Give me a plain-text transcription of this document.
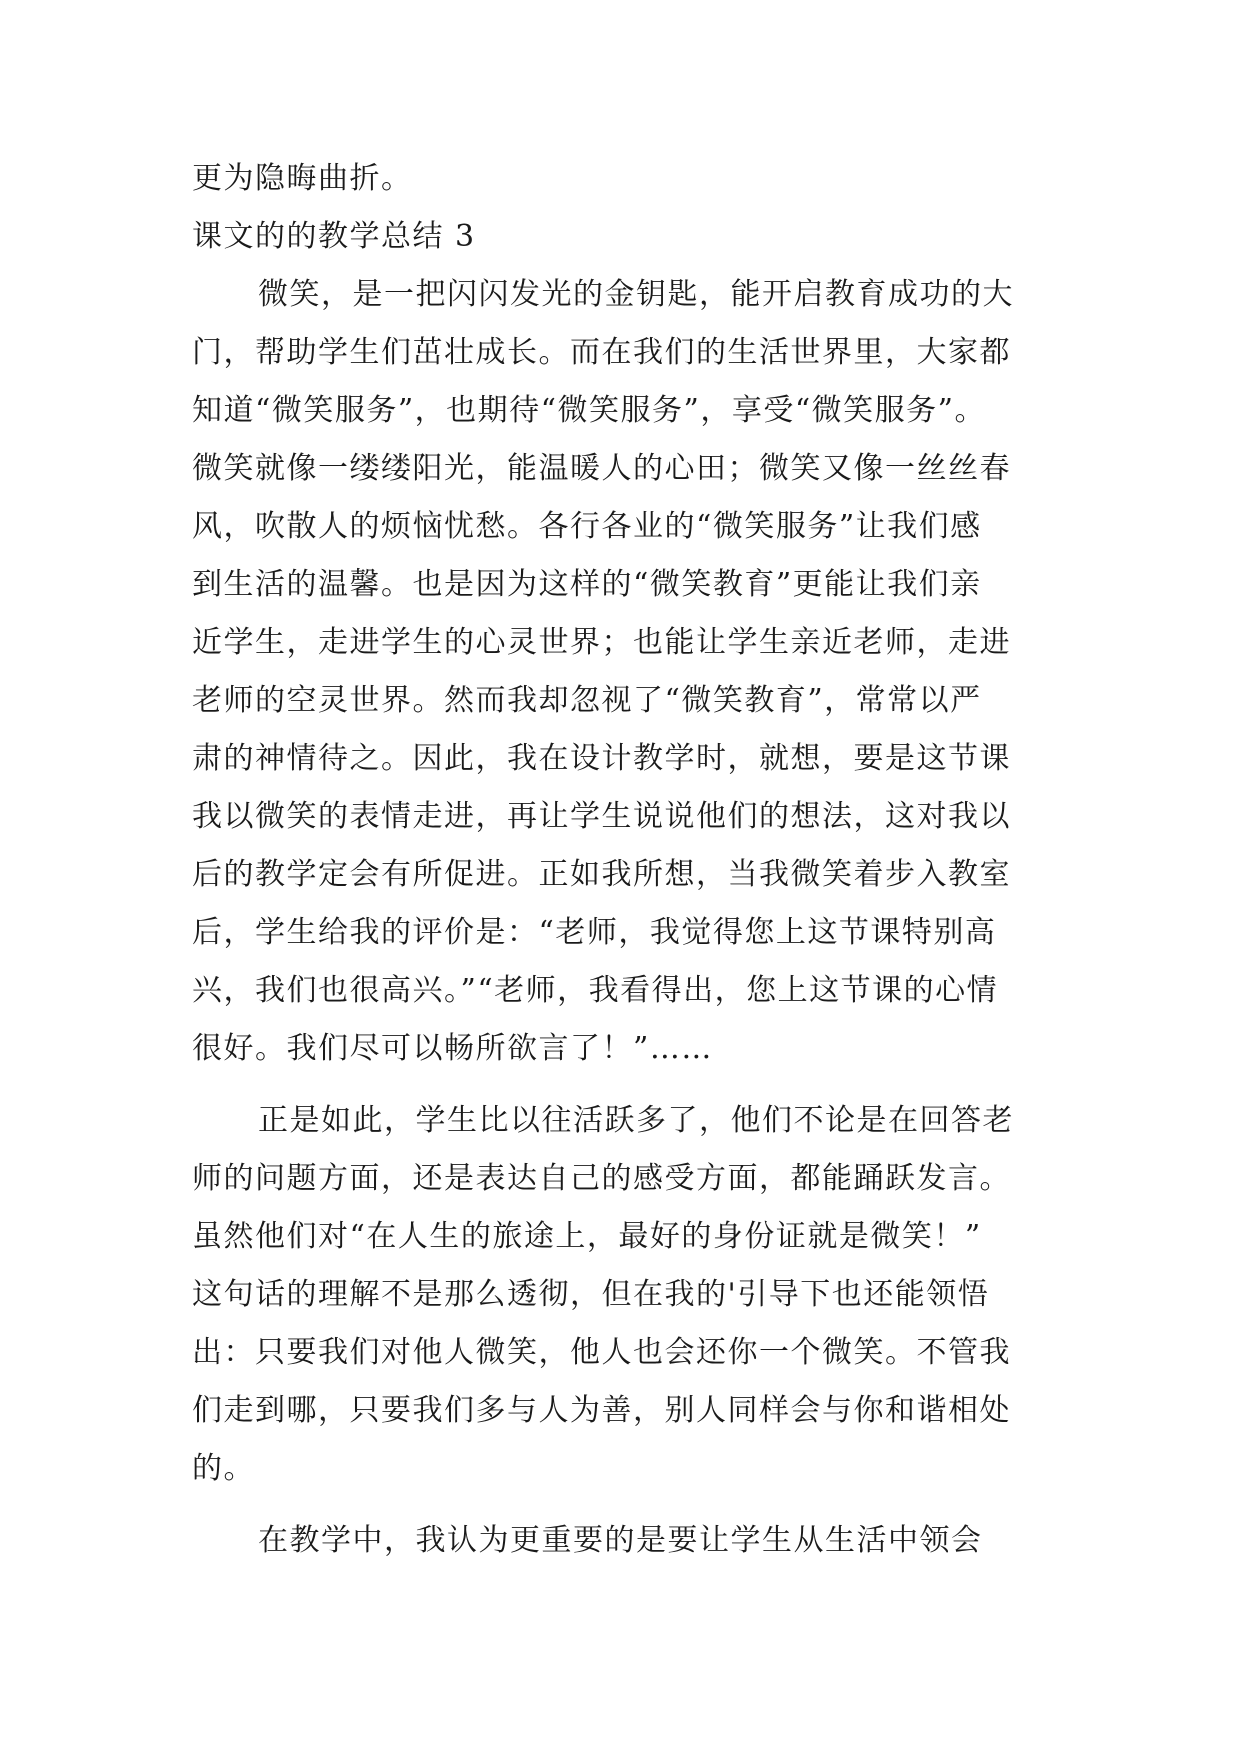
更为隐晦曲折。
课文的的教学总结 3
微笑，是一把闪闪发光的金钥匙，能开启教育成功的大
门，帮助学生们茁壮成长。而在我们的生活世界里，大家都
知道“微笑服务”，也期待“微笑服务”，享受“微笑服务”。
微笑就像一缕缕阳光，能温暖人的心田；微笑又像一丝丝春
风，吹散人的烦恼忧愁。各行各业的“微笑服务”让我们感
到生活的温馨。也是因为这样的“微笑教育”更能让我们亲
近学生，走进学生的心灵世界；也能让学生亲近老师，走进
老师的空灵世界。然而我却忽视了“微笑教育”，常常以严
肃的神情待之。因此，我在设计教学时，就想，要是这节课
我以微笑的表情走进，再让学生说说他们的想法，这对我以
后的教学定会有所促进。正如我所想，当我微笑着步入教室
后，学生给我的评价是：“老师，我觉得您上这节课特别高
兴，我们也很高兴。”“老师，我看得出，您上这节课的心情
很好。我们尽可以畅所欲言了！”……
正是如此，学生比以往活跃多了，他们不论是在回答老
师的问题方面，还是表达自己的感受方面，都能踊跃发言。
虽然他们对“在人生的旅途上，最好的身份证就是微笑！”
这句话的理解不是那么透彻，但在我的'引导下也还能领悟
出：只要我们对他人微笑，他人也会还你一个微笑。不管我
们走到哪，只要我们多与人为善，别人同样会与你和谐相处
的。
在教学中，我认为更重要的是要让学生从生活中领会
